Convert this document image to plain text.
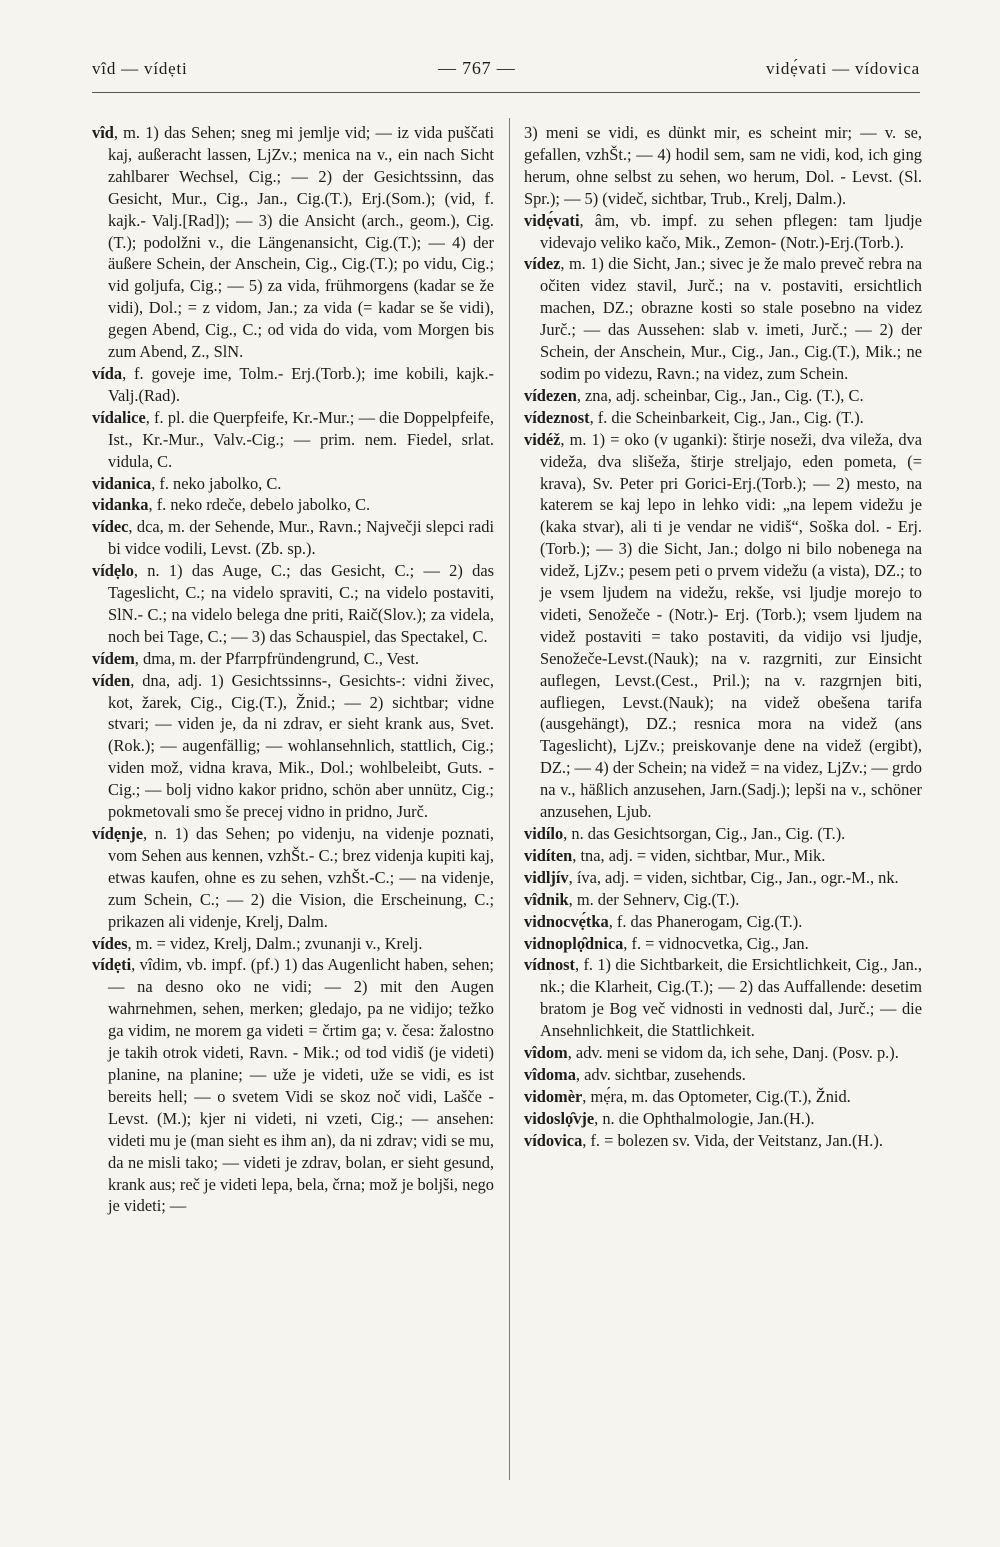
vîd — vídẹti	— 767 —	vidẹ́vati — vídovica

vîd, m. 1) das Sehen; sneg mi jemlje vid; — iz vida puščati kaj, außeracht lassen, LjZv.; menica na v., ein nach Sicht zahlbarer Wechsel, Cig.; — 2) der Gesichtssinn, das Gesicht, Mur., Cig., Jan., Cig.(T.), Erj.(Som.); (vid, f. kajk.- Valj.[Rad]); — 3) die Ansicht (arch., geom.), Cig.(T.); podolžni v., die Längenansicht, Cig.(T.); — 4) der äußere Schein, der Anschein, Cig., Cig.(T.); po vidu, Cig.; vid goljufa, Cig.; — 5) za vida, frühmorgens (kadar se že vidi), Dol.; = z vidom, Jan.; za vida (= kadar se še vidi), gegen Abend, Cig., C.; od vida do vida, vom Morgen bis zum Abend, Z., SlN.

vída, f. goveje ime, Tolm.- Erj.(Torb.); ime kobili, kajk.- Valj.(Rad).

vídalice, f. pl. die Querpfeife, Kr.-Mur.; — die Doppelpfeife, Ist., Kr.-Mur., Valv.-Cig.; — prim. nem. Fiedel, srlat. vidula, C.

vidanica, f. neko jabolko, C.

vidanka, f. neko rdeče, debelo jabolko, C.

vídec, dca, m. der Sehende, Mur., Ravn.; Največji slepci radi bi vidce vodili, Levst. (Zb. sp.).

vídẹlo, n. 1) das Auge, C.; das Gesicht, C.; — 2) das Tageslicht, C.; na videlo spraviti, C.; na videlo postaviti, SlN.- C.; na videlo belega dne priti, Raič(Slov.); za videla, noch bei Tage, C.; — 3) das Schauspiel, das Spectakel, C.

vídem, dma, m. der Pfarrpfründengrund, C., Vest.

víden, dna, adj. 1) Gesichtssinns-, Gesichts-: vidni živec, kot, žarek, Cig., Cig.(T.), Žnid.; — 2) sichtbar; vidne stvari; — viden je, da ni zdrav, er sieht krank aus, Svet. (Rok.); — augenfällig; — wohlansehnlich, stattlich, Cig.; viden mož, vidna krava, Mik., Dol.; wohlbeleibt, Guts. - Cig.; — bolj vidno kakor pridno, schön aber unnütz, Cig.; pokmetovali smo še precej vidno in pridno, Jurč.

vídẹnje, n. 1) das Sehen; po videnju, na videnje poznati, vom Sehen aus kennen, vzhŠt.- C.; brez videnja kupiti kaj, etwas kaufen, ohne es zu sehen, vzhŠt.-C.; — na videnje, zum Schein, C.; — 2) die Vision, die Erscheinung, C.; prikazen ali videnje, Krelj, Dalm.

vídes, m. = videz, Krelj, Dalm.; zvunanji v., Krelj.

vídẹti, vîdim, vb. impf. (pf.) 1) das Augenlicht haben, sehen; — na desno oko ne vidi; — 2) mit den Augen wahrnehmen, sehen, merken; gledajo, pa ne vidijo; težko ga vidim, ne morem ga videti = črtim ga; v. česa: žalostno je takih otrok videti, Ravn. - Mik.; od tod vidiš (je videti) planine, na planine; — uže je videti, uže se vidi, es ist bereits hell; — o svetem Vidi se skoz noč vidi, Lašče - Levst. (M.); kjer ni videti, ni vzeti, Cig.; — ansehen: videti mu je (man sieht es ihm an), da ni zdrav; vidi se mu, da ne misli tako; — videti je zdrav, bolan, er sieht gesund, krank aus; reč je videti lepa, bela, črna; mož je boljši, nego je videti; —

3) meni se vidi, es dünkt mir, es scheint mir; — v. se, gefallen, vzhŠt.; — 4) hodil sem, sam ne vidi, kod, ich ging herum, ohne selbst zu sehen, wo herum, Dol. - Levst. (Sl. Spr.); — 5) (videč, sichtbar, Trub., Krelj, Dalm.).

vidẹ́vati, âm, vb. impf. zu sehen pflegen: tam ljudje videvajo veliko kačo, Mik., Zemon- (Notr.)-Erj.(Torb.).

vídez, m. 1) die Sicht, Jan.; sivec je že malo preveč rebra na očiten videz stavil, Jurč.; na v. postaviti, ersichtlich machen, DZ.; obrazne kosti so stale posebno na videz Jurč.; — das Aussehen: slab v. imeti, Jurč.; — 2) der Schein, der Anschein, Mur., Cig., Jan., Cig.(T.), Mik.; ne sodim po videzu, Ravn.; na videz, zum Schein.

vídezen, zna, adj. scheinbar, Cig., Jan., Cig. (T.), C.

vídeznost, f. die Scheinbarkeit, Cig., Jan., Cig. (T.).

vidéž, m. 1) = oko (v uganki): štirje noseži, dva vileža, dva videža, dva slišeža, štirje streljajo, eden pometa, (= krava), Sv. Peter pri Gorici-Erj.(Torb.); — 2) mesto, na katerem se kaj lepo in lehko vidi: „na lepem videžu je (kaka stvar), ali ti je vendar ne vidiš“, Soška dol. - Erj.(Torb.); — 3) die Sicht, Jan.; dolgo ni bilo nobenega na videž, LjZv.; pesem peti o prvem videžu (a vista), DZ.; to je vsem ljudem na videžu, rekše, vsi ljudje morejo to videti, Senožeče - (Notr.)- Erj. (Torb.); vsem ljudem na videž postaviti = tako postaviti, da vidijo vsi ljudje, Senožeče-Levst.(Nauk); na v. razgrniti, zur Einsicht auflegen, Levst.(Cest., Pril.); na v. razgrnjen biti, aufliegen, Levst.(Nauk); na videž obešena tarifa (ausgehängt), DZ.; resnica mora na videž (ans Tageslicht), LjZv.; preiskovanje dene na videž (ergibt), DZ.; — 4) der Schein; na videž = na videz, LjZv.; — grdo na v., häßlich anzusehen, Jarn.(Sadj.); lepši na v., schöner anzusehen, Ljub.

vidílo, n. das Gesichtsorgan, Cig., Jan., Cig. (T.).

vidíten, tna, adj. = viden, sichtbar, Mur., Mik.

vidljív, íva, adj. = viden, sichtbar, Cig., Jan., ogr.-M., nk.

vîdnik, m. der Sehnerv, Cig.(T.).

vidnocvẹ́tka, f. das Phanerogam, Cig.(T.).

vidnoplọ̑dnica, f. = vidnocvetka, Cig., Jan.

vídnost, f. 1) die Sichtbarkeit, die Ersichtlichkeit, Cig., Jan., nk.; die Klarheit, Cig.(T.); — 2) das Auffallende: desetim bratom je Bog več vidnosti in vednosti dal, Jurč.; — die Ansehnlichkeit, die Stattlichkeit.

vîdom, adv. meni se vidom da, ich sehe, Danj. (Posv. p.).

vîdoma, adv. sichtbar, zusehends.

vidomèr, mẹ́ra, m. das Optometer, Cig.(T.), Žnid.

vidoslọ̑vje, n. die Ophthalmologie, Jan.(H.).

vídovica, f. = bolezen sv. Vida, der Veitstanz, Jan.(H.).
